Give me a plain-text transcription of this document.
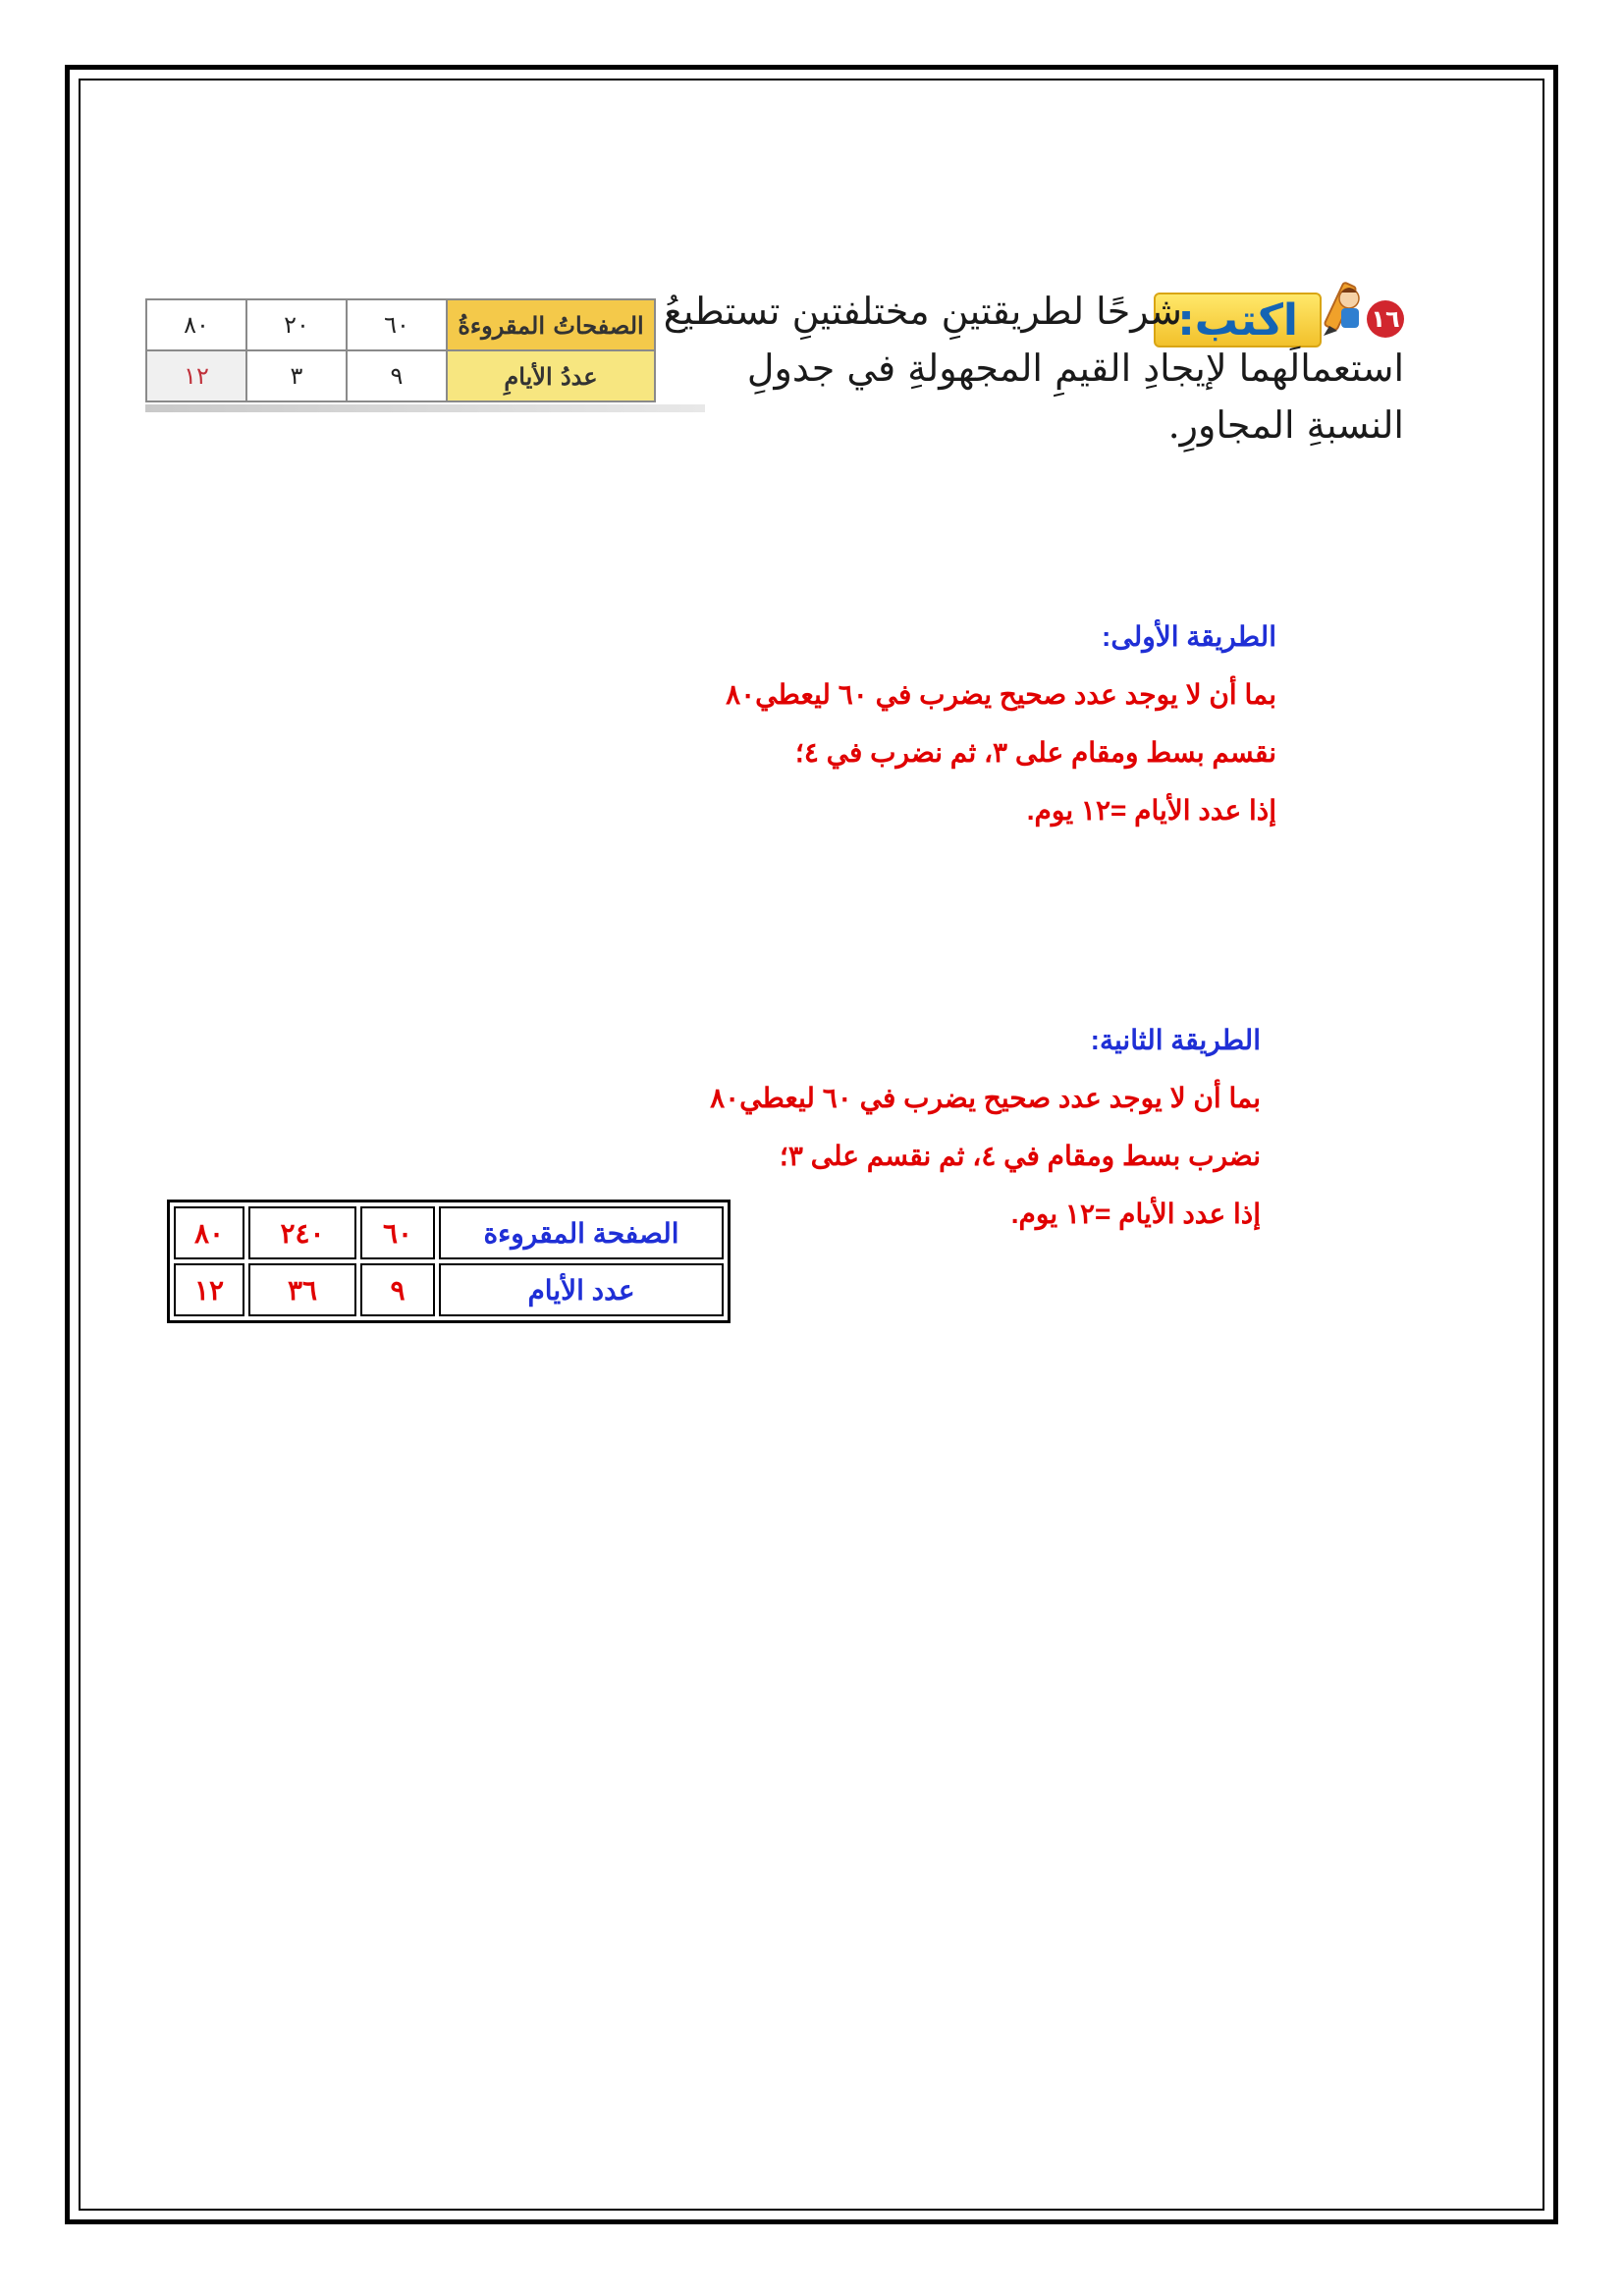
١٦
اكتب:
شرحًا لطريقتينِ مختلفتينِ تستطيعُ
استعمالَهما لإيجادِ القيمِ المجهولةِ في جدولِ
النسبةِ المجاورِ.
الصفحاتُ المقروءةُ	٦٠	٢٠	٨٠
عددُ الأيامِ	٩	٣	١٢
الطريقة الأولى:
بما أن لا يوجد عدد صحيح يضرب في ٦٠ ليعطي٨٠
نقسم بسط ومقام على ٣، ثم نضرب في ٤؛
إذا عدد الأيام =١٢ يوم.
الطريقة الثانية:
بما أن لا يوجد عدد صحيح يضرب في ٦٠ ليعطي٨٠
نضرب بسط ومقام في ٤، ثم نقسم على ٣؛
إذا عدد الأيام =١٢ يوم.
الصفحة المقروءة	٦٠	٢٤٠	٨٠
عدد الأيام	٩	٣٦	١٢
